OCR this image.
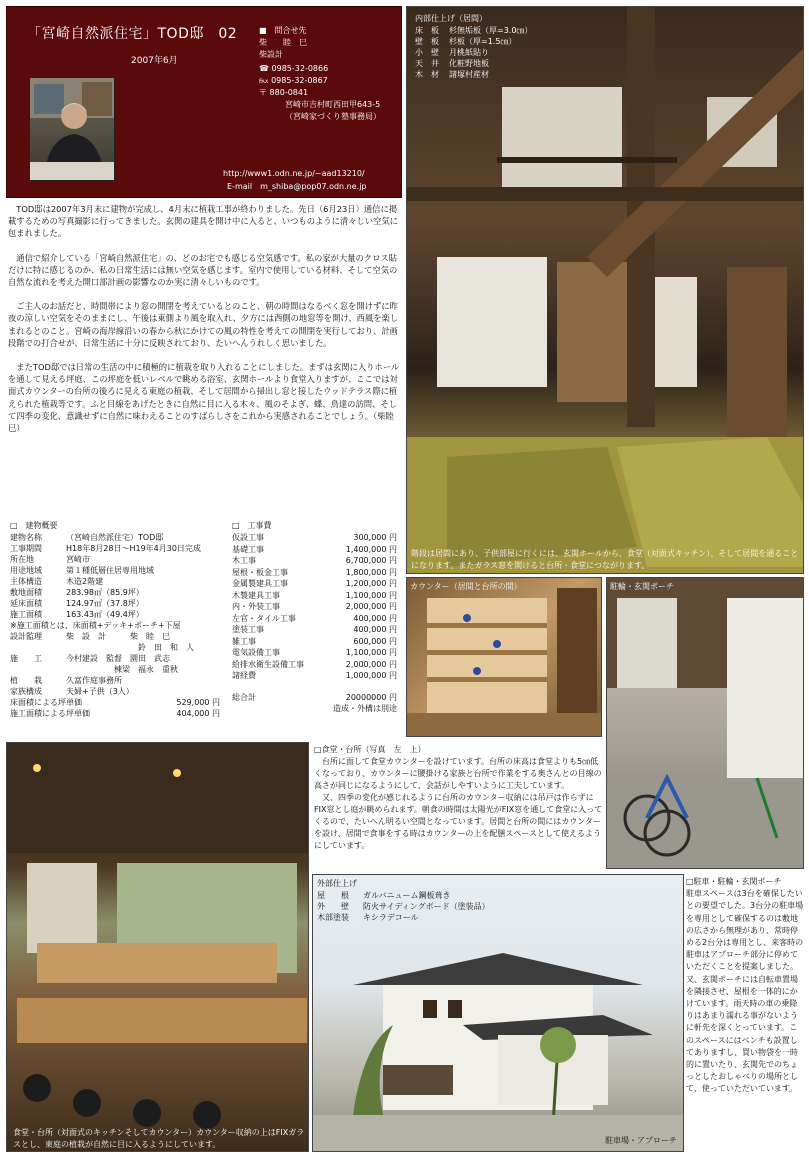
「宮崎自然派住宅」TOD邸　02
2007年6月
■　問合せ先
柴　　睦　巳
柴設計
☎ 0985-32-0866
℻ 0985-32-0867
〒 880-0841
宮崎市吉村町西田甲643-5
（宮崎家づくり塾事務局）
http://www1.odn.ne.jp/~aad13210/
E-mail　m_shiba@pop07.odn.ne.jp

TOD邸は2007年3月末に建物が完成し、4月末に植栽工事が終わりました。先日（6月23日）通信に掲載するための写真撮影に行ってきました。玄関の建具を開け中に入ると、いつものように清々しい空気に包まれました。

通信で紹介している「宮崎自然派住宅」の、どのお宅でも感じる空気感です。私の家が大量のクロス貼だけに特に感じるのか、私の日常生活には無い空気を感じます。室内で使用している材料、そして空気の自然な流れを考えた開口部計画の影響なのか実に清々しいものです。

ご主人のお話だと、時間帯により窓の開閉を考えているとのこと、朝の時間はなるべく窓を開けずに昨夜の涼しい空気をそのままにし、午後は東側より風を取入れ、夕方には西側の地窓等を開け、西風を楽しまれるとのこと。宮崎の海岸線沿いの春から秋にかけての風の特性を考えての開閉を実行しており、計画段階での打合せが、日常生活に十分に反映されており、たいへんうれしく思いました。

またTOD邸では日常の生活の中に積極的に植栽を取り入れることにしました。まずは玄関に入りホールを通して見える坪庭、この坪庭を低いレベルで眺める浴室、玄関ホールより食堂入りますが、ここでは対面式カウンターの台所の後ろに見える東庭の植栽、そして居間から掃出し窓と接したウッドテラス際に植えられた植栽等です。ふと目線をあげたときに自然に目に入る木々、風のそよぎ、蝶、鳥達の訪問、そして四季の変化、意識せずに自然に味わえることのすばらしさをこれから実感されることでしょう。（柴睦巳）

□　建物概要
建物名称	（宮崎自然派住宅）TOD邸
工事期間	H18年8月28日～H19年4月30日完成
所在地	宮崎市
用途地域	第１種低層住居専用地域
主体構造	木造2階建
敷地面積	283.98㎡（85.9坪）
延床面積	124.97㎡（37.8坪）
施工面積	163.43㎡（49.4坪）
※施工面積とは、床面積+デッキ+ポーチ+下屋
設計監理	柴　設　計　　　柴　睦　巳
	　　　　　　　　　鈴　田　和　人
施　　工	今村建設　監督　園田　武志
	　　　　　　棟梁　福永　重秋
植　　栽	久富作庭事務所
家族構成	夫婦+子供（3人）
床面積による坪単価	529,000 円
施工面積による坪単価	404,000 円
□　工事費
仮設工事	300,000 円
基礎工事	1,400,000 円
木工事	6,700,000 円
屋根・板金工事	1,800,000 円
金属製建具工事	1,200,000 円
木製建具工事	1,100,000 円
内・外装工事	2,000,000 円
左官・タイル工事	400,000 円
塗装工事	400,000 円
雑工事	600,000 円
電気設備工事	1,100,000 円
給排水衛生設備工事	2,000,000 円
諸経費	1,000,000 円
総合計	20000000 円
	造成・外構は別途
内部仕上げ（居間）
床　板	杉無垢板（厚=3.0㎝）
壁　板	杉板（厚=1.5㎝）
小　壁	月桃紙貼り
天　井	化粧野地板
木　材	諸塚村産材
階段は居間にあり、子供部屋に行くには、玄関ホールから、食堂（対面式キッチン）、そして居間を通ることになります。またガラス窓を開けると台所・食堂につながります。
カウンター（居間と台所の間）	駐輪・玄関ポーチ
食堂・台所（対面式のキッチンそしてカウンター）カウンター収納の上はFIXガラスとし、東庭の植栽が自然に目に入るようにしています。
□食堂・台所（写真　左　上）

台所に面して食堂カウンターを設けています。台所の床高は食堂よりも5㎝低くなっており、カウンターに腰掛ける家族と台所で作業をする奥さんとの目線の高さが同じになるようにして、会話がしやすいように工夫しています。

又、四季の変化が感じれるように台所のカウンター収納には吊戸は作らずにFIX窓とし庭が眺められます。朝食の時間は太陽光がFIX窓を通して食堂に入ってくるので、たいへん明るい空間となっています。居間と台所の間にはカウンターを設け、居間で食事をする時はカウンターの上を配膳スペースとして使えるようにしています。

外部仕上げ
屋　　根	ガルバニューム鋼板葺き
外　　壁	防火サイディングボード（塗装品）
木部塗装	キシラデコール
駐車場・アプローチ
□駐車・駐輪・玄関ポーチ

駐車スペースは3台を確保したいとの要望でした。3台分の駐車場を専用として確保するのは敷地の広さから無理があり、常時停める2台分は専用とし、来客時の駐車はアプローチ部分に停めていただくことを提案しました。又、玄関ポーチには自転車置場を隣接させ、屋根を一体的にかけています。雨天時の車の乗降りはあまり濡れる事がないように軒先を深くとっています。このスペースにはベンチも設置してありますし、買い物袋を一時的に置いたり、玄関先でのちょっとしたおしゃべりの場所として、使っていただいています。
